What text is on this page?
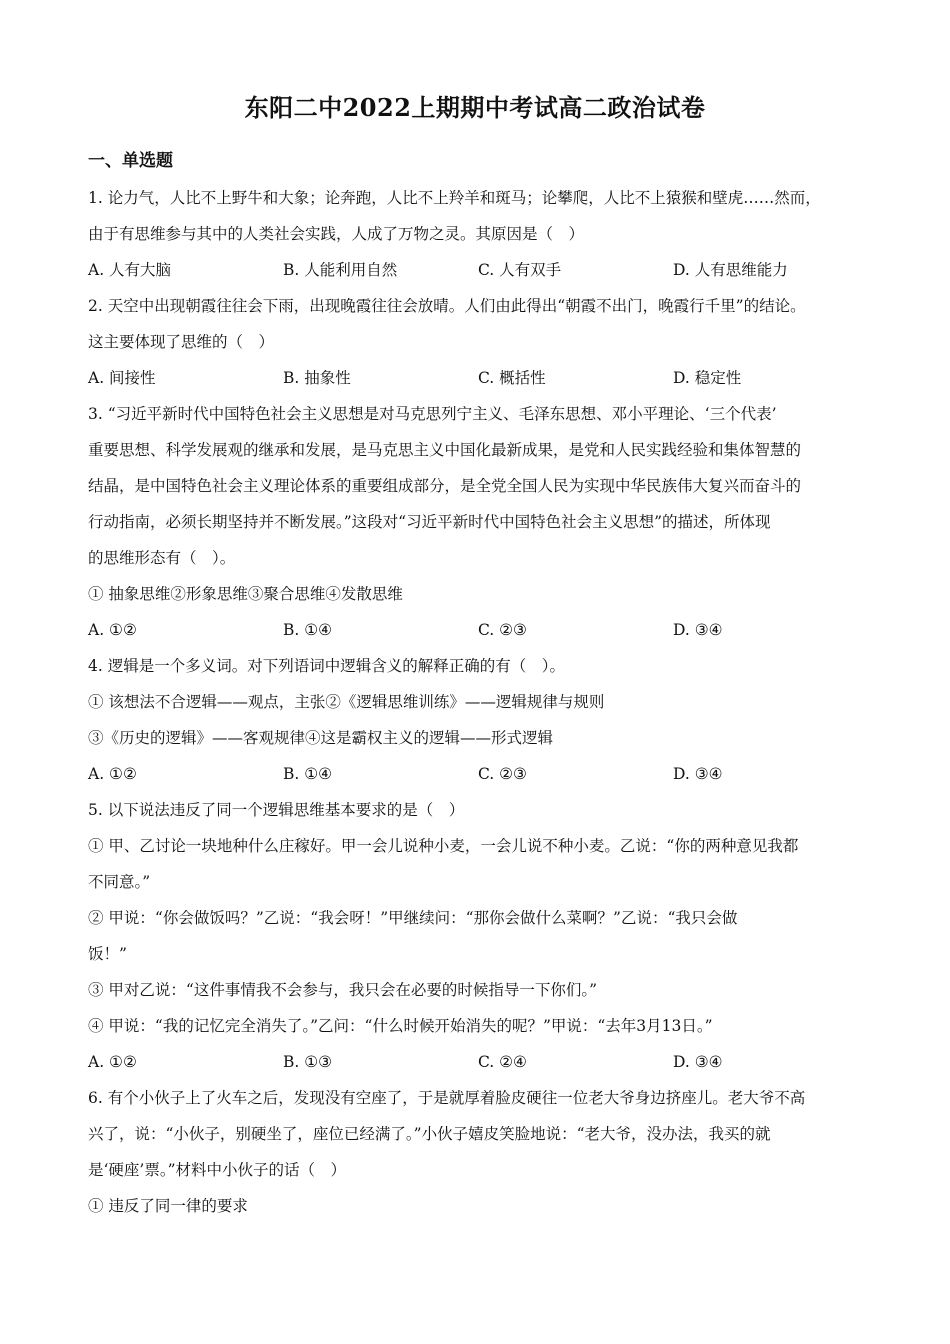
东阳二中2022上期期中考试高二政治试卷
一、单选题
1. 论力气，人比不上野牛和大象；论奔跑，人比不上羚羊和斑马；论攀爬，人比不上猿猴和壁虎……然而，
由于有思维参与其中的人类社会实践，人成了万物之灵。其原因是（　）
A. 人有大脑	B. 人能利用自然	C. 人有双手	D. 人有思维能力
2. 天空中出现朝霞往往会下雨，出现晚霞往往会放晴。人们由此得出“朝霞不出门，晚霞行千里”的结论。
这主要体现了思维的（　）
A. 间接性	B. 抽象性	C. 概括性	D. 稳定性
3. “习近平新时代中国特色社会主义思想是对马克思列宁主义、毛泽东思想、邓小平理论、‘三个代表’
重要思想、科学发展观的继承和发展，是马克思主义中国化最新成果，是党和人民实践经验和集体智慧的
结晶，是中国特色社会主义理论体系的重要组成部分，是全党全国人民为实现中华民族伟大复兴而奋斗的
行动指南，必须长期坚持并不断发展。”这段对“习近平新时代中国特色社会主义思想”的描述，所体现
的思维形态有（　）。
① 抽象思维②形象思维③聚合思维④发散思维
A. ①②	B. ①④	C. ②③	D. ③④
4. 逻辑是一个多义词。对下列语词中逻辑含义的解释正确的有（　）。
① 该想法不合逻辑——观点，主张②《逻辑思维训练》——逻辑规律与规则
③《历史的逻辑》——客观规律④这是霸权主义的逻辑——形式逻辑
A. ①②	B. ①④	C. ②③	D. ③④
5. 以下说法违反了同一个逻辑思维基本要求的是（　）
① 甲、乙讨论一块地种什么庄稼好。甲一会儿说种小麦，一会儿说不种小麦。乙说：“你的两种意见我都
不同意。”
② 甲说：“你会做饭吗？”乙说：“我会呀！”甲继续问：“那你会做什么菜啊？”乙说：“我只会做
饭！”
③ 甲对乙说：“这件事情我不会参与，我只会在必要的时候指导一下你们。”
④ 甲说：“我的记忆完全消失了。”乙问：“什么时候开始消失的呢？”甲说：“去年3月13日。”
A. ①②	B. ①③	C. ②④	D. ③④
6. 有个小伙子上了火车之后，发现没有空座了，于是就厚着脸皮硬往一位老大爷身边挤座儿。老大爷不高
兴了，说：“小伙子，别硬坐了，座位已经满了。”小伙子嬉皮笑脸地说：“老大爷，没办法，我买的就
是‘硬座’票。”材料中小伙子的话（　）
① 违反了同一律的要求
